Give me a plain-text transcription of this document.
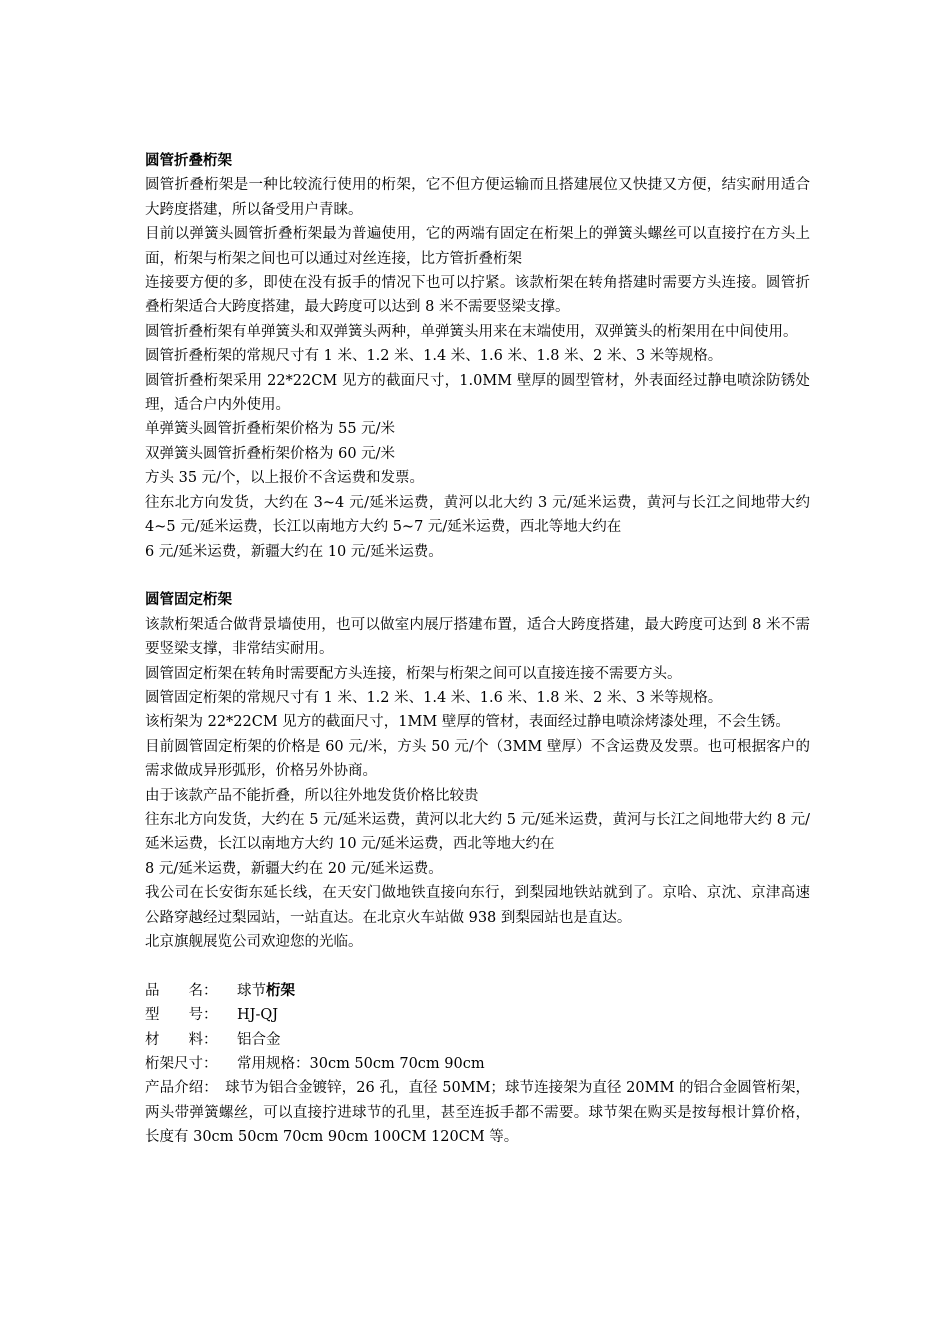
圆管折叠桁架

圆管折叠桁架是一种比较流行使用的桁架，它不但方便运输而且搭建展位又快捷又方便，结实耐用适合大跨度搭建，所以备受用户青睐。

目前以弹簧头圆管折叠桁架最为普遍使用，它的两端有固定在桁架上的弹簧头螺丝可以直接拧在方头上面，桁架与桁架之间也可以通过对丝连接，比方管折叠桁架

连接要方便的多，即使在没有扳手的情况下也可以拧紧。该款桁架在转角搭建时需要方头连接。圆管折叠桁架适合大跨度搭建，最大跨度可以达到 8 米不需要竖梁支撑。

圆管折叠桁架有单弹簧头和双弹簧头两种，单弹簧头用来在末端使用，双弹簧头的桁架用在中间使用。

圆管折叠桁架的常规尺寸有 1 米、1.2 米、1.4 米、1.6 米、1.8 米、2 米、3 米等规格。

圆管折叠桁架采用 22*22CM 见方的截面尺寸，1.0MM 壁厚的圆型管材，外表面经过静电喷涂防锈处理，适合户内外使用。

单弹簧头圆管折叠桁架价格为 55 元/米

双弹簧头圆管折叠桁架价格为 60 元/米

方头 35 元/个，以上报价不含运费和发票。

往东北方向发货，大约在 3~4 元/延米运费，黄河以北大约 3 元/延米运费，黄河与长江之间地带大约 4~5 元/延米运费，长江以南地方大约 5~7 元/延米运费，西北等地大约在

6 元/延米运费，新疆大约在 10 元/延米运费。

圆管固定桁架

该款桁架适合做背景墙使用，也可以做室内展厅搭建布置，适合大跨度搭建，最大跨度可达到 8 米不需要竖梁支撑，非常结实耐用。

圆管固定桁架在转角时需要配方头连接，桁架与桁架之间可以直接连接不需要方头。

圆管固定桁架的常规尺寸有 1 米、1.2 米、1.4 米、1.6 米、1.8 米、2 米、3 米等规格。

该桁架为 22*22CM 见方的截面尺寸，1MM 壁厚的管材，表面经过静电喷涂烤漆处理，不会生锈。

目前圆管固定桁架的价格是 60 元/米，方头 50 元/个（3MM 壁厚）不含运费及发票。也可根据客户的需求做成异形弧形，价格另外协商。

由于该款产品不能折叠，所以往外地发货价格比较贵

往东北方向发货，大约在 5 元/延米运费，黄河以北大约 5 元/延米运费，黄河与长江之间地带大约 8 元/延米运费，长江以南地方大约 10 元/延米运费，西北等地大约在

8 元/延米运费，新疆大约在 20 元/延米运费。

我公司在长安街东延长线，在天安门做地铁直接向东行，到梨园地铁站就到了。京哈、京沈、京津高速公路穿越经过梨园站，一站直达。在北京火车站做 938 到梨园站也是直达。

北京旗舰展览公司欢迎您的光临。

品　　名：	球节桁架
型　　号：	HJ-QJ
材　　料：	铝合金
桁架尺寸：	常用规格：30cm 50cm 70cm 90cm

产品介绍：　 球节为铝合金镀锌，26 孔，直径 50MM；球节连接架为直径 20MM 的铝合金圆管桁架，两头带弹簧螺丝，可以直接拧进球节的孔里，甚至连扳手都不需要。球节架在购买是按每根计算价格，长度有 30cm 50cm 70cm 90cm 100CM 120CM 等。
